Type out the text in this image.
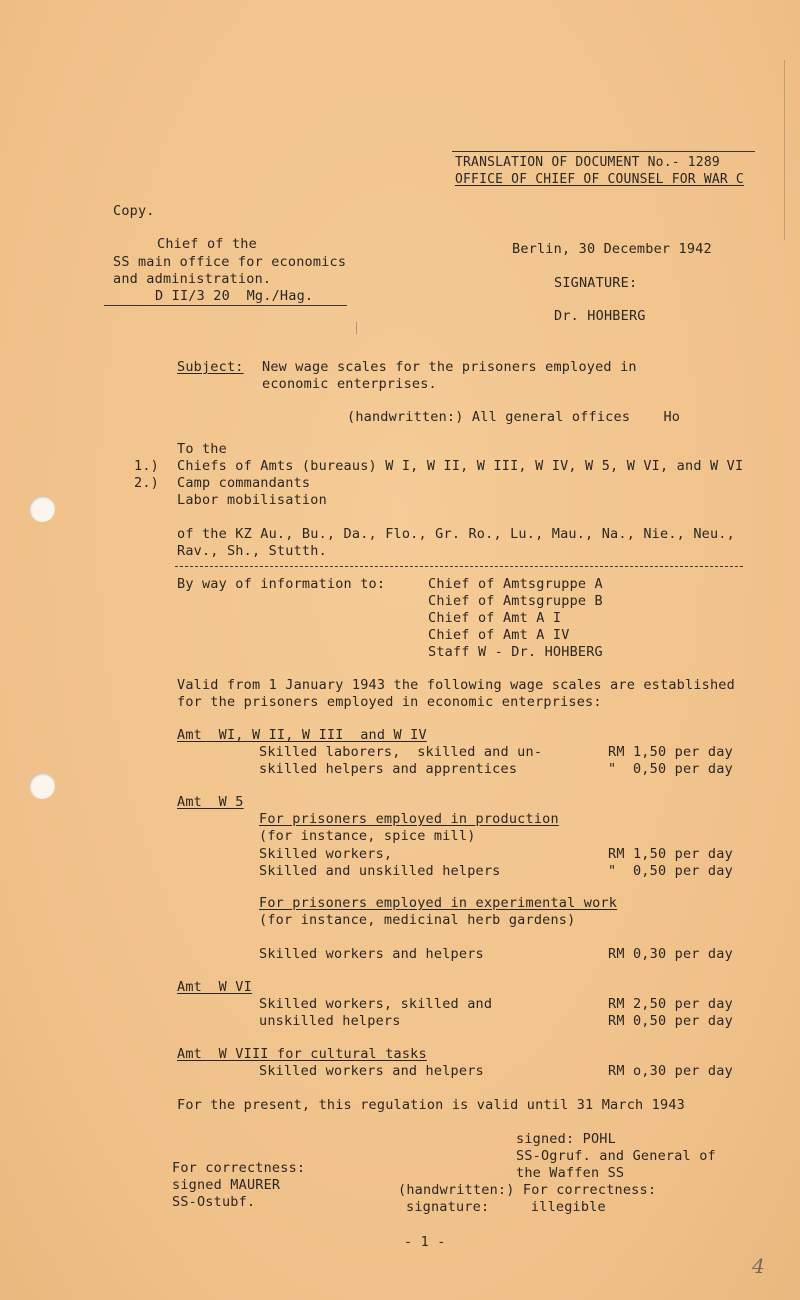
TRANSLATION OF DOCUMENT No.- 1289
OFFICE OF CHIEF OF COUNSEL FOR WAR C
Copy.
Chief of the
SS main office for economics
and administration.
D II/3 20  Mg./Hag.
Berlin, 30 December 1942
SIGNATURE:
Dr. HOHBERG
Subject: New wage scales for the prisoners employed in
economic enterprises.
(handwritten:) All general offices    Ho
To the
1.) Chiefs of Amts (bureaus) W I, W II, W III, W IV, W 5, W VI, and W VI
2.) Camp commandants
Labor mobilisation
of the KZ Au., Bu., Da., Flo., Gr. Ro., Lu., Mau., Na., Nie., Neu.,
Rav., Sh., Stutth.
By way of information to:	Chief of Amtsgruppe A
Chief of Amtsgruppe B
Chief of Amt A I
Chief of Amt A IV
Staff W - Dr. HOHBERG
Valid from 1 January 1943 the following wage scales are established
for the prisoners employed in economic enterprises:
Amt  WI, W II, W III  and W IV
Skilled laborers,  skilled and un-	RM 1,50 per day
skilled helpers and apprentices	"  0,50 per day
Amt  W 5
For prisoners employed in production
(for instance, spice mill)
Skilled workers,	RM 1,50 per day
Skilled and unskilled helpers	"  0,50 per day
For prisoners employed in experimental work
(for instance, medicinal herb gardens)
Skilled workers and helpers	RM 0,30 per day
Amt  W VI
Skilled workers, skilled and	RM 2,50 per day
unskilled helpers	RM 0,50 per day
Amt  W VIII for cultural tasks
Skilled workers and helpers	RM o,30 per day
For the present, this regulation is valid until 31 March 1943
signed: POHL
SS-Ogruf. and General of
the Waffen SS
(handwritten:) For correctness:
signature:     illegible
For correctness:
signed MAURER
SS-Ostubf.
- 1 -
4
